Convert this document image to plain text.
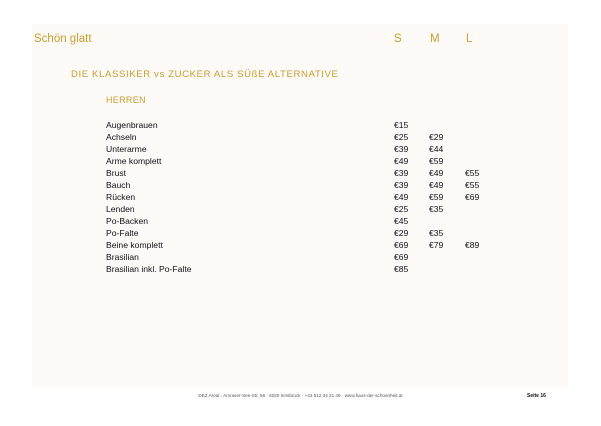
Schön glatt	S M L
DIE KLASSIKER vs ZUCKER ALS SÜßE ALTERNATIVE
HERREN
Augenbrauen	€15
Achseln	€25 €29
Unterarme	€39 €44
Arme komplett	€49 €59
Brust	€39 €49	€55
Bauch	€39 €49	€55
Rücken	€49 €59	€69
Lenden	€25 €35
Po-Backen	€45
Po-Falte	€29 €35
Beine komplett	€69 €79	€89
Brasilian	€69
Brasilian inkl. Po-Falte	€85
DEZ Areal · Amraser-See-Str. 56 · 6020 Innsbruck · +43 512 34 21 49 · www.haus-der-schoenheit.at	Seite 16
